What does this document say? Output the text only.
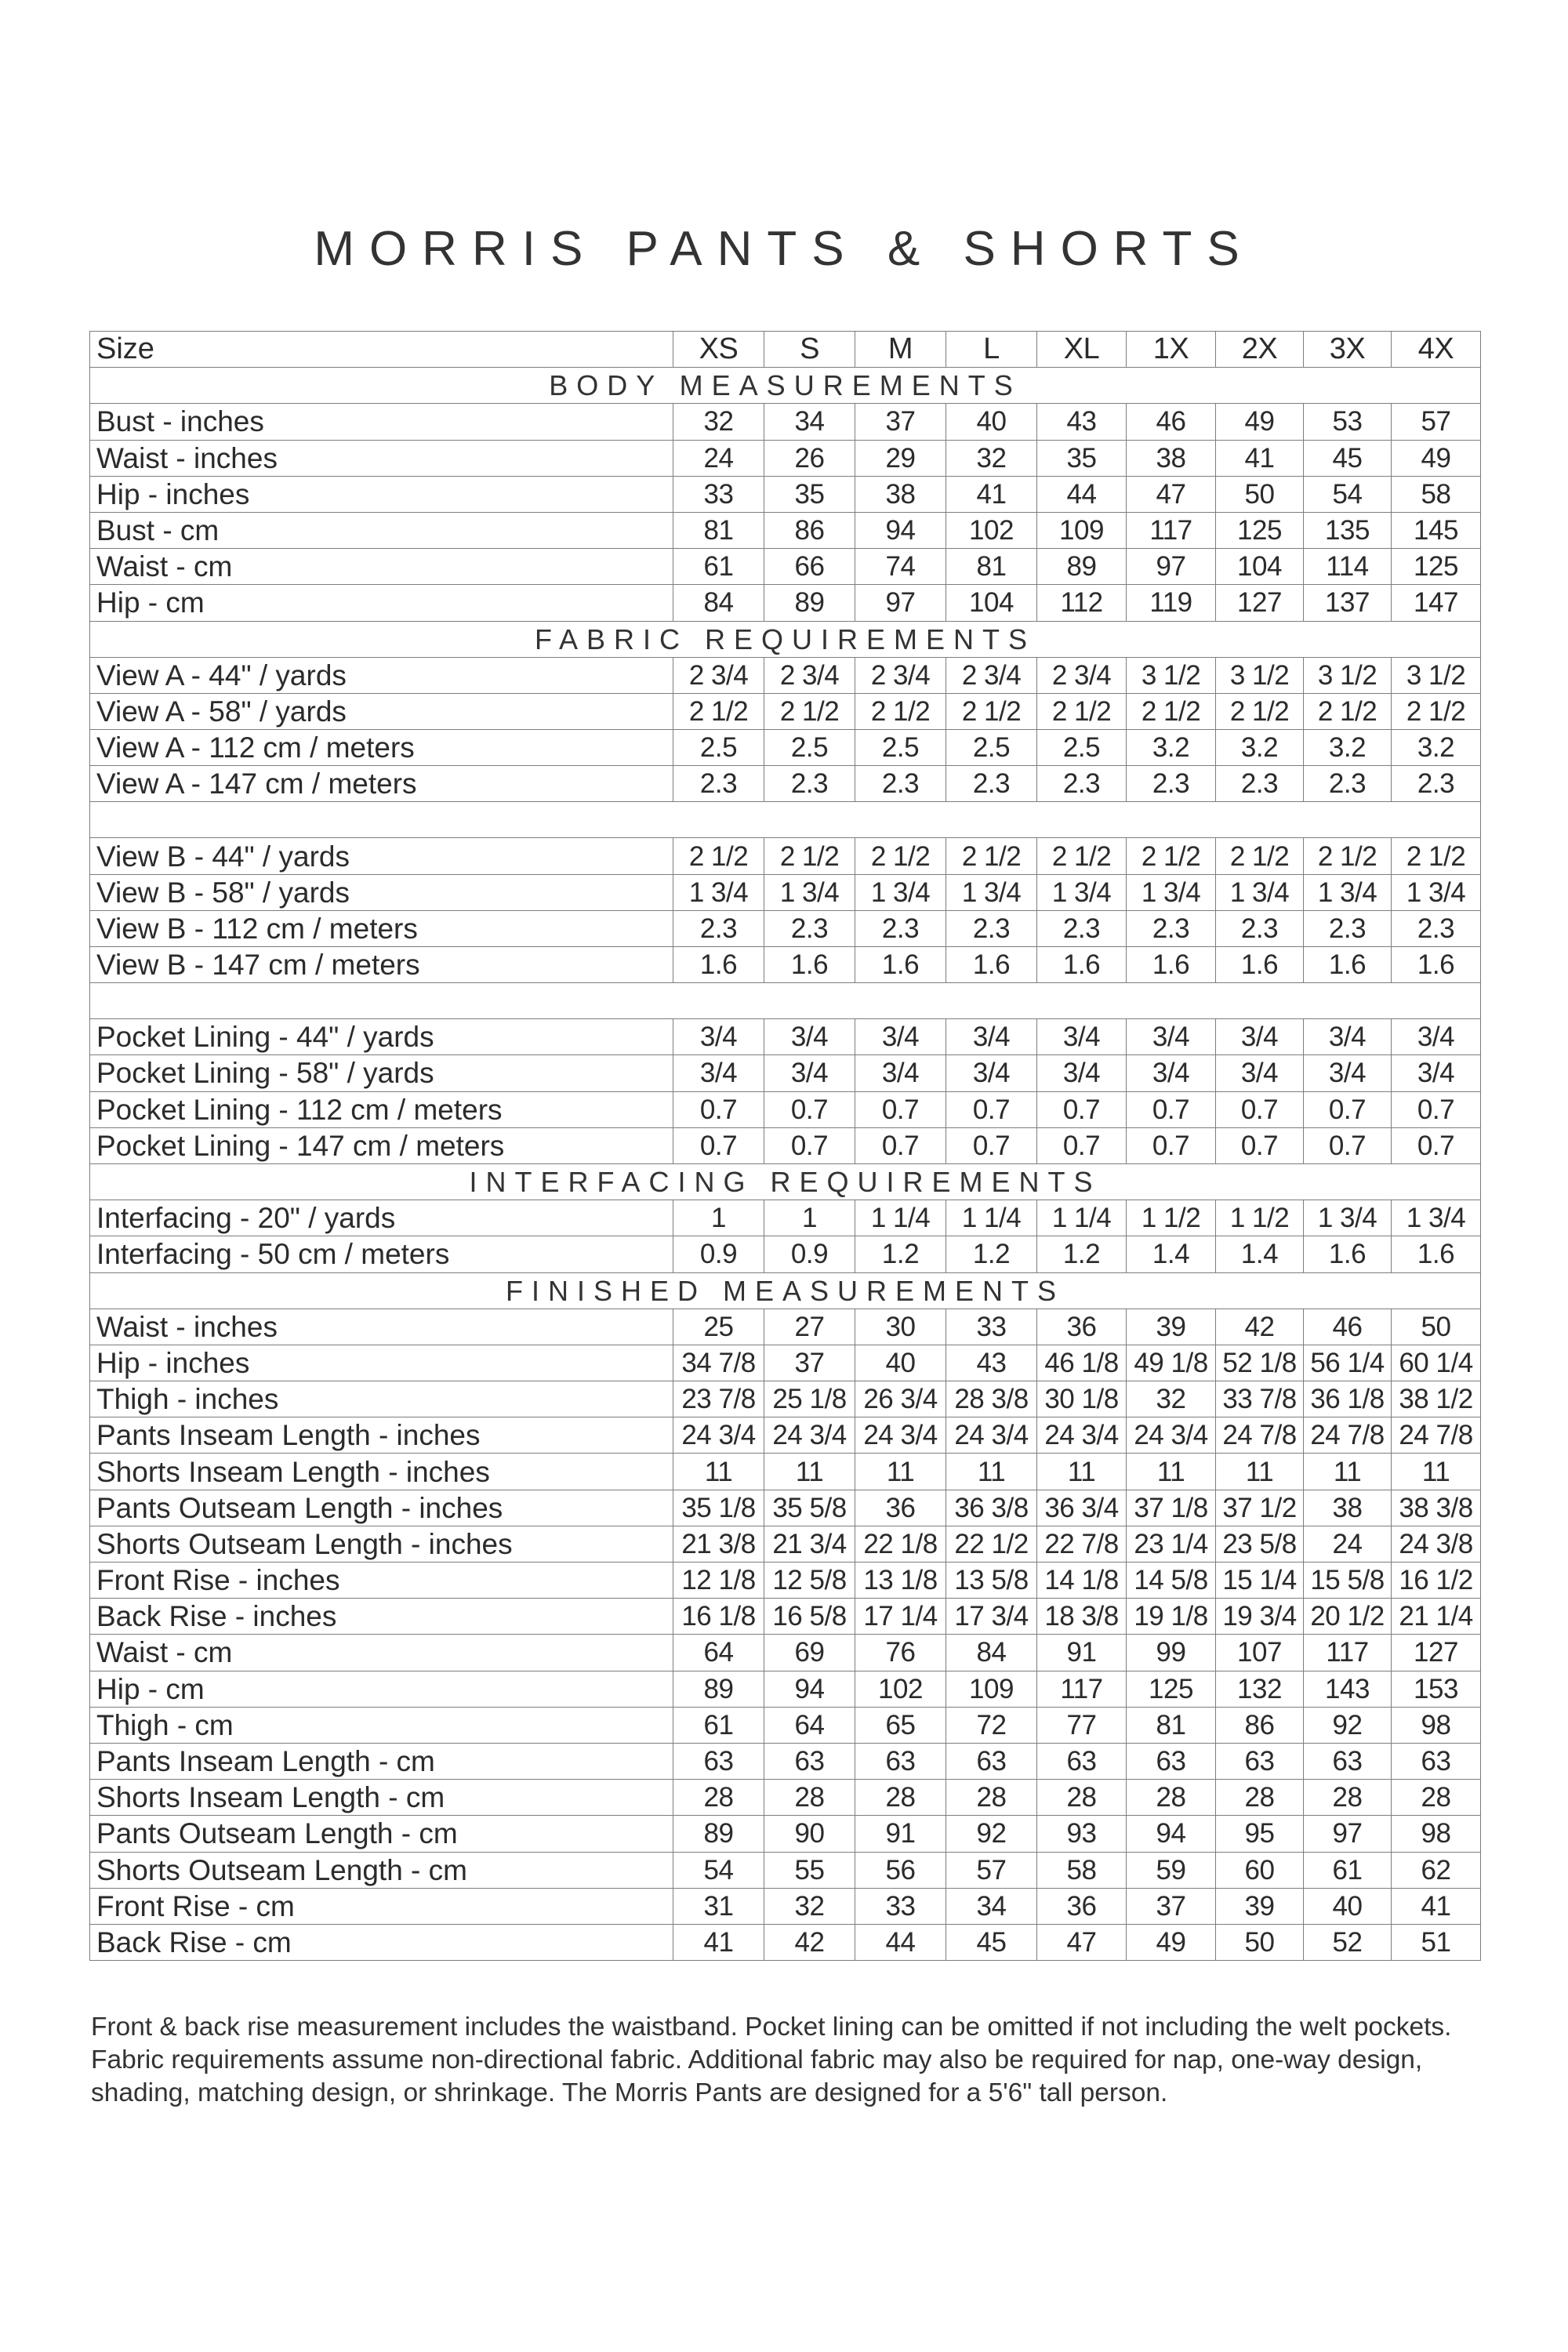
MORRIS PANTS & SHORTS
Size	XS	S	M	L	XL	1X	2X	3X	4X
BODY MEASUREMENTS									
Bust - inches	32	34	37	40	43	46	49	53	57
Waist - inches	24	26	29	32	35	38	41	45	49
Hip - inches	33	35	38	41	44	47	50	54	58
Bust - cm	81	86	94	102	109	117	125	135	145
Waist - cm	61	66	74	81	89	97	104	114	125
Hip - cm	84	89	97	104	112	119	127	137	147
FABRIC REQUIREMENTS									
View A - 44" / yards	2 3/4	2 3/4	2 3/4	2 3/4	2 3/4	3 1/2	3 1/2	3 1/2	3 1/2
View A - 58" / yards	2 1/2	2 1/2	2 1/2	2 1/2	2 1/2	2 1/2	2 1/2	2 1/2	2 1/2
View A - 112 cm / meters	2.5	2.5	2.5	2.5	2.5	3.2	3.2	3.2	3.2
View A - 147 cm / meters	2.3	2.3	2.3	2.3	2.3	2.3	2.3	2.3	2.3

View B - 44" / yards	2 1/2	2 1/2	2 1/2	2 1/2	2 1/2	2 1/2	2 1/2	2 1/2	2 1/2
View B - 58" / yards	1 3/4	1 3/4	1 3/4	1 3/4	1 3/4	1 3/4	1 3/4	1 3/4	1 3/4
View B - 112 cm / meters	2.3	2.3	2.3	2.3	2.3	2.3	2.3	2.3	2.3
View B - 147 cm / meters	1.6	1.6	1.6	1.6	1.6	1.6	1.6	1.6	1.6

Pocket Lining - 44" / yards	3/4	3/4	3/4	3/4	3/4	3/4	3/4	3/4	3/4
Pocket Lining - 58" / yards	3/4	3/4	3/4	3/4	3/4	3/4	3/4	3/4	3/4
Pocket Lining - 112 cm / meters	0.7	0.7	0.7	0.7	0.7	0.7	0.7	0.7	0.7
Pocket Lining - 147 cm / meters	0.7	0.7	0.7	0.7	0.7	0.7	0.7	0.7	0.7
INTERFACING REQUIREMENTS									
Interfacing - 20" / yards	1	1	1 1/4	1 1/4	1 1/4	1 1/2	1 1/2	1 3/4	1 3/4
Interfacing - 50 cm / meters	0.9	0.9	1.2	1.2	1.2	1.4	1.4	1.6	1.6
FINISHED MEASUREMENTS									
Waist - inches	25	27	30	33	36	39	42	46	50
Hip - inches	34 7/8	37	40	43	46 1/8	49 1/8	52 1/8	56 1/4	60 1/4
Thigh - inches	23 7/8	25 1/8	26 3/4	28 3/8	30 1/8	32	33 7/8	36 1/8	38 1/2
Pants Inseam Length - inches	24 3/4	24 3/4	24 3/4	24 3/4	24 3/4	24 3/4	24 7/8	24 7/8	24 7/8
Shorts Inseam Length - inches	11	11	11	11	11	11	11	11	11
Pants Outseam Length - inches	35 1/8	35 5/8	36	36 3/8	36 3/4	37 1/8	37 1/2	38	38 3/8
Shorts Outseam Length - inches	21 3/8	21 3/4	22 1/8	22 1/2	22 7/8	23 1/4	23 5/8	24	24 3/8
Front Rise - inches	12 1/8	12 5/8	13 1/8	13 5/8	14 1/8	14 5/8	15 1/4	15 5/8	16 1/2
Back Rise - inches	16 1/8	16 5/8	17 1/4	17 3/4	18 3/8	19 1/8	19 3/4	20 1/2	21 1/4
Waist - cm	64	69	76	84	91	99	107	117	127
Hip - cm	89	94	102	109	117	125	132	143	153
Thigh - cm	61	64	65	72	77	81	86	92	98
Pants Inseam Length - cm	63	63	63	63	63	63	63	63	63
Shorts Inseam Length - cm	28	28	28	28	28	28	28	28	28
Pants Outseam Length - cm	89	90	91	92	93	94	95	97	98
Shorts Outseam Length - cm	54	55	56	57	58	59	60	61	62
Front Rise - cm	31	32	33	34	36	37	39	40	41
Back Rise - cm	41	42	44	45	47	49	50	52	51
Front & back rise measurement includes the waistband. Pocket lining can be omitted if not including the welt pockets. Fabric requirements assume non-directional fabric. Additional fabric may also be required for nap, one-way design, shading, matching design, or shrinkage. The Morris Pants are designed for a 5'6" tall person.
